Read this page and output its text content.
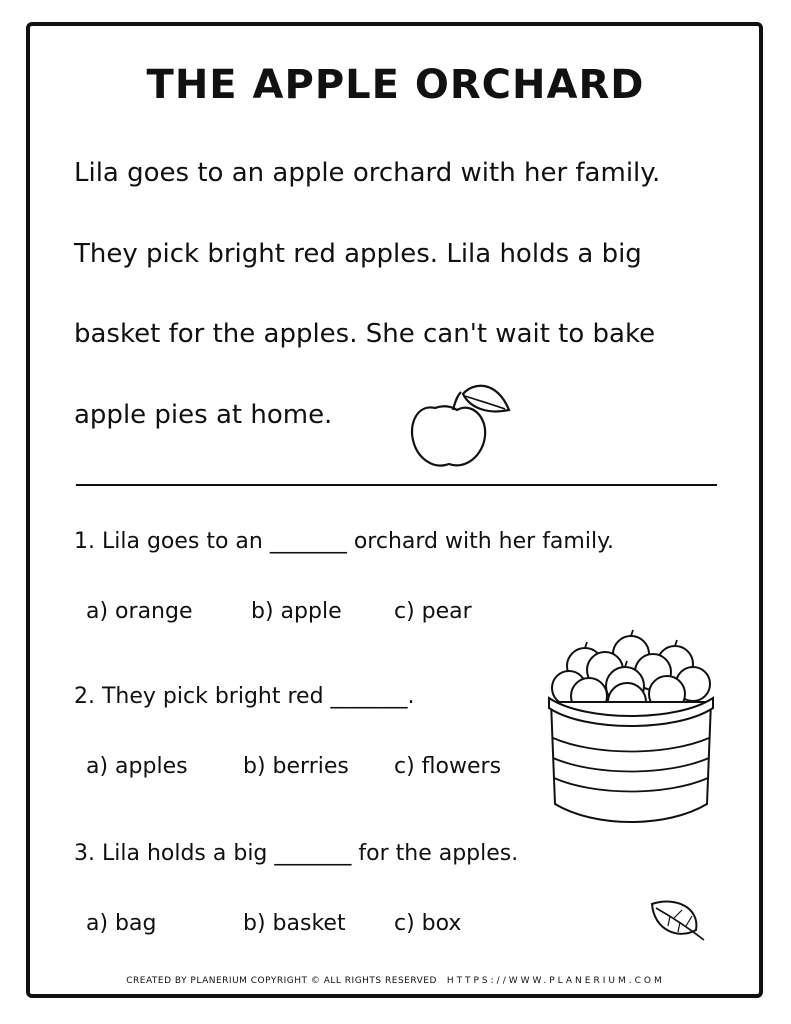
THE APPLE ORCHARD
Lila goes to an apple orchard with her family.
They pick bright red apples. Lila holds a big
basket for the apples. She can't wait to bake
apple pies at home.
1. Lila goes to an _______ orchard with her family.
a) orange	b) apple c) pear
2. They pick bright red _______.
a) apples	b) berries c) flowers
3. Lila holds a big _______ for the apples.
a) bag	b) basket c) box
CREATED BY PLANERIUM COPYRIGHT © ALL RIGHTS RESERVED HTTPS://WWW.PLANERIUM.COM
